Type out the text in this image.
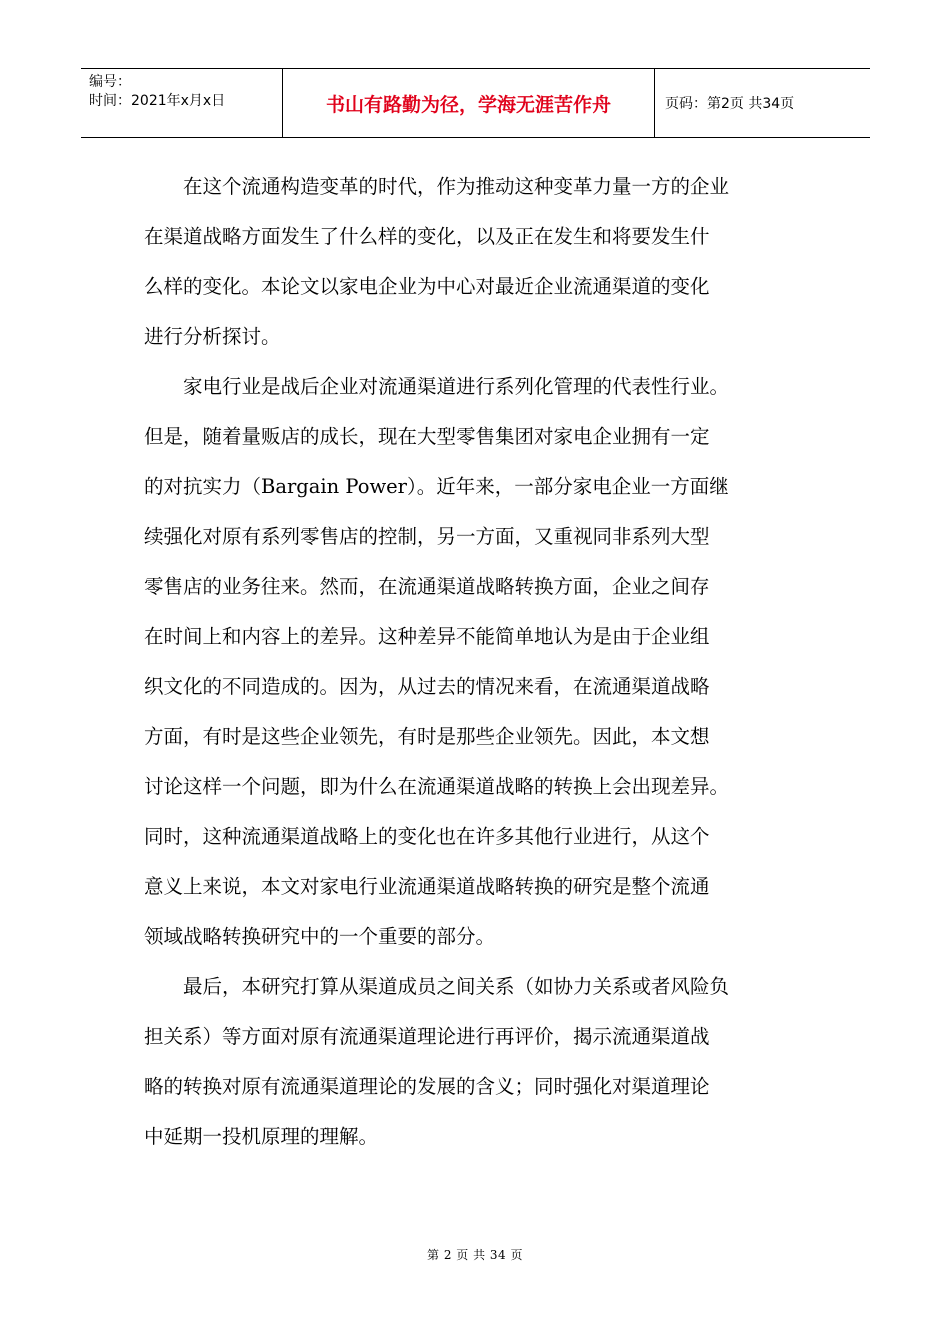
编号：
时间：2021年x月x日	书山有路勤为径，学海无涯苦作舟	页码：第2页 共34页
　　在这个流通构造变革的时代，作为推动这种变革力量一方的企业
在渠道战略方面发生了什么样的变化，以及正在发生和将要发生什
么样的变化。本论文以家电企业为中心对最近企业流通渠道的变化
进行分析探讨。
　　家电行业是战后企业对流通渠道进行系列化管理的代表性行业。
但是，随着量贩店的成长，现在大型零售集团对家电企业拥有一定
的对抗实力（Bargain Power）。近年来，一部分家电企业一方面继
续强化对原有系列零售店的控制，另一方面，又重视同非系列大型
零售店的业务往来。然而，在流通渠道战略转换方面，企业之间存
在时间上和内容上的差异。这种差异不能简单地认为是由于企业组
织文化的不同造成的。因为，从过去的情况来看，在流通渠道战略
方面，有时是这些企业领先，有时是那些企业领先。因此，本文想
讨论这样一个问题，即为什么在流通渠道战略的转换上会出现差异。
同时，这种流通渠道战略上的变化也在许多其他行业进行，从这个
意义上来说，本文对家电行业流通渠道战略转换的研究是整个流通
领域战略转换研究中的一个重要的部分。
　　最后，本研究打算从渠道成员之间关系（如协力关系或者风险负
担关系）等方面对原有流通渠道理论进行再评价，揭示流通渠道战
略的转换对原有流通渠道理论的发展的含义；同时强化对渠道理论
中延期一投机原理的理解。
第 2 页 共 34 页
